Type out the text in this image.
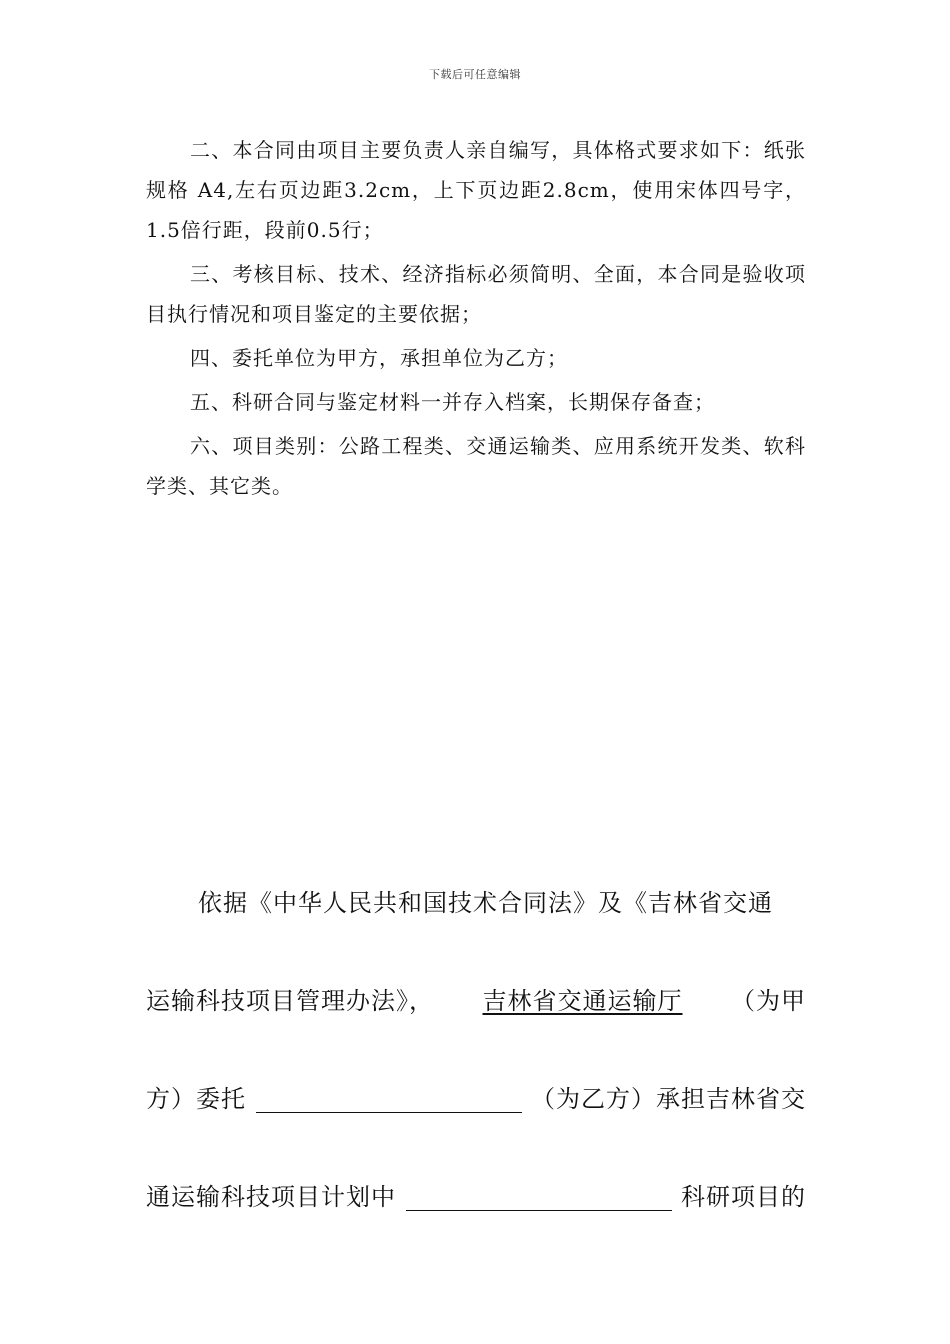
下载后可任意编辑

二、本合同由项目主要负责人亲自编写，具体格式要求如下：纸张规格 A4,左右页边距3.2cm，上下页边距2.8cm，使用宋体四号字，1.5倍行距，段前0.5行；

三、考核目标、技术、经济指标必须简明、全面，本合同是验收项目执行情况和项目鉴定的主要依据；

四、委托单位为甲方，承担单位为乙方；

五、科研合同与鉴定材料一并存入档案，长期保存备查；

六、项目类别：公路工程类、交通运输类、应用系统开发类、软科学类、其它类。

依据《中华人民共和国技术合同法》及《吉林省交通
运输科技项目管理办法》，	吉林省交通运输厅	（为甲
方）委托	（为乙方）承担吉林省交
通运输科技项目计划中	科研项目的
